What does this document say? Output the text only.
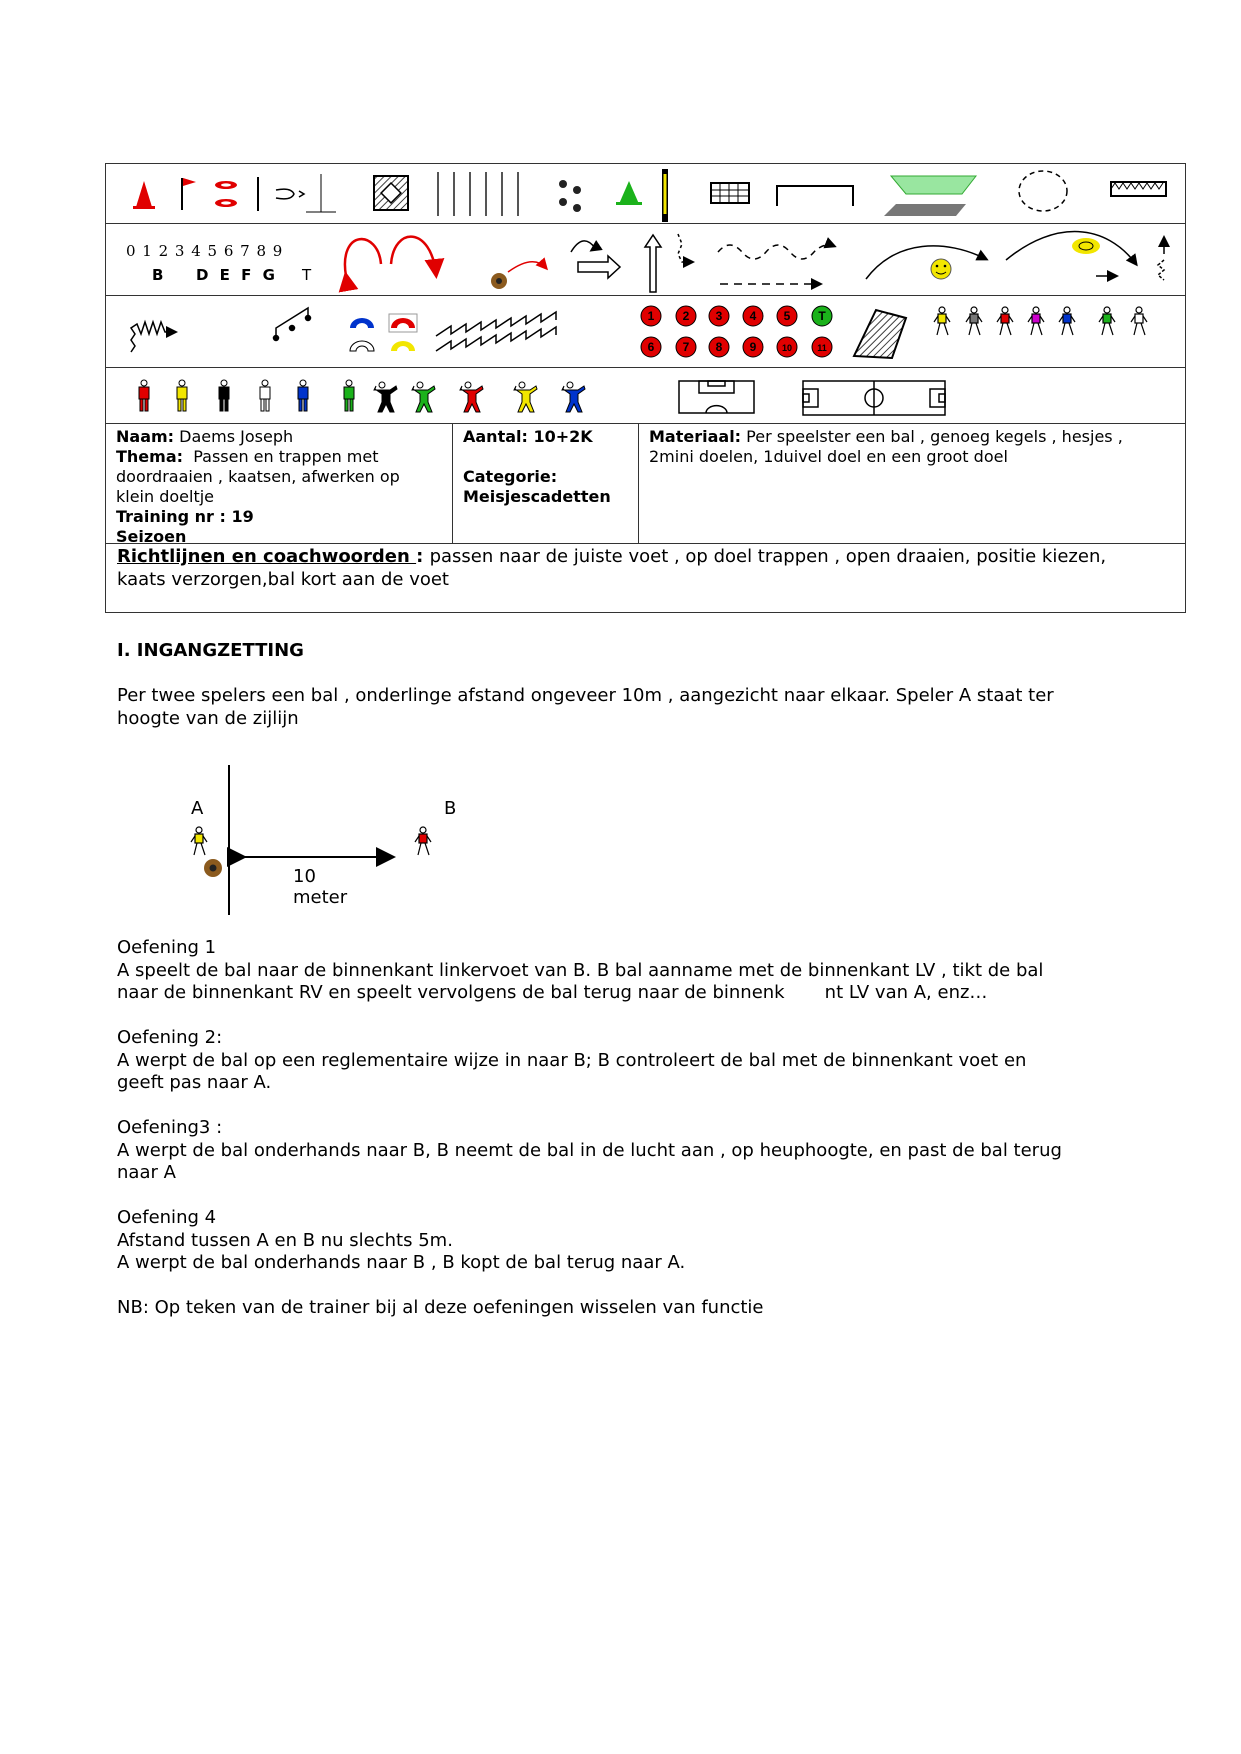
0 1 2 3 4 5 6 7 8 9
B D E F G T
1 2 3 4 5 T
6 7 8 9	10	11
Naam: Daems Joseph
Thema: Passen en trappen met
doordraaien , kaatsen, afwerken op
klein doeltje
Training nr : 19
Seizoen
Aantal: 10+2K

Categorie:
Meisjescadetten
Materiaal: Per speelster een bal , genoeg kegels , hesjes ,
2mini doelen, 1duivel doel en een groot doel
Richtlijnen en coachwoorden : passen naar de juiste voet , op doel trappen , open draaien, positie kiezen,
kaats verzorgen,bal kort aan de voet
I. INGANGZETTING
Per twee spelers een bal , onderlinge afstand ongeveer 10m , aangezicht naar elkaar. Speler A staat ter
hoogte van de zijlijn
A	B
10 meter
Oefening 1
A speelt de bal naar de binnenkant linkervoet van B. B bal aanname met de binnenkant LV , tikt de bal
naar de binnenkant RV en speelt vervolgens de bal terug naar de binnenk       nt LV van A, enz…
Oefening 2:
A werpt de bal op een reglementaire wijze in naar B; B controleert de bal met de binnenkant voet en
geeft pas naar A.
Oefening3 :
A werpt de bal onderhands naar B, B neemt de bal in de lucht aan , op heuphoogte, en past de bal terug
naar A
Oefening 4
Afstand tussen A en B nu slechts 5m.
A werpt de bal onderhands naar B , B kopt de bal terug naar A.
NB: Op teken van de trainer bij al deze oefeningen wisselen van functie
